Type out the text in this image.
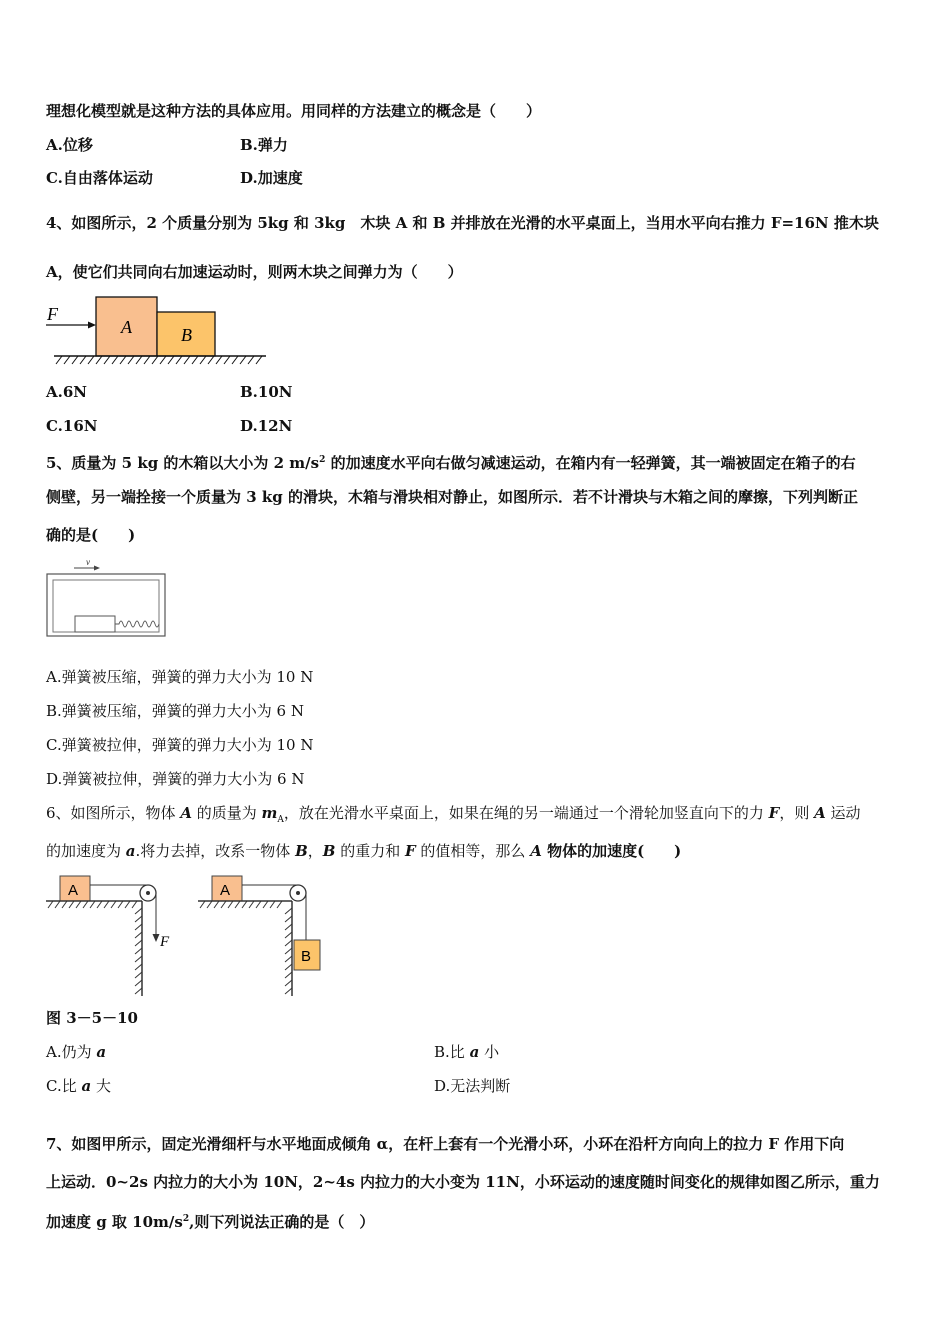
理想化模型就是这种方法的具体应用。用同样的方法建立的概念是（　　）
A.位移	B.弹力
C.自由落体运动	D.加速度
4、如图所示，2 个质量分别为 5kg 和 3kg　木块 A 和 B 并排放在光滑的水平桌面上，当用水平向右推力 F=16N 推木块
A，使它们共同向右加速运动时，则两木块之间弹力为（　　）
F
A	B
A.6N	B.10N
C.16N	D.12N
5、质量为 5 kg 的木箱以大小为 2 $m/s^2$ 的加速度水平向右做匀减速运动，在箱内有一轻弹簧，其一端被固定在箱子的右
侧壁，另一端拴接一个质量为 3 kg 的滑块，木箱与滑块相对静止，如图所示．若不计滑块与木箱之间的摩擦，下列判断正
确的是(　　)
v
A.弹簧被压缩，弹簧的弹力大小为 10 N
B.弹簧被压缩，弹簧的弹力大小为 6 N
C.弹簧被拉伸，弹簧的弹力大小为 10 N
D.弹簧被拉伸，弹簧的弹力大小为 6 N
6、如图所示，物体 A 的质量为 $m_A$，放在光滑水平桌面上，如果在绳的另一端通过一个滑轮加竖直向下的力 F，则 A 运动
的加速度为 a.将力去掉，改系一物体 B，B 的重力和 F 的值相等，那么 A 物体的加速度(　　)
A
F
A
B
图 3－5－10
A.仍为 a	B.比 a 小
C.比 a 大	D.无法判断
7、如图甲所示，固定光滑细杆与水平地面成倾角 α，在杆上套有一个光滑小环，小环在沿杆方向向上的拉力 F 作用下向
上运动．0~2s 内拉力的大小为 10N，2~4s 内拉力的大小变为 11N，小环运动的速度随时间变化的规律如图乙所示，重力
加速度 g 取 $10m/s^2$,则下列说法正确的是（　）
